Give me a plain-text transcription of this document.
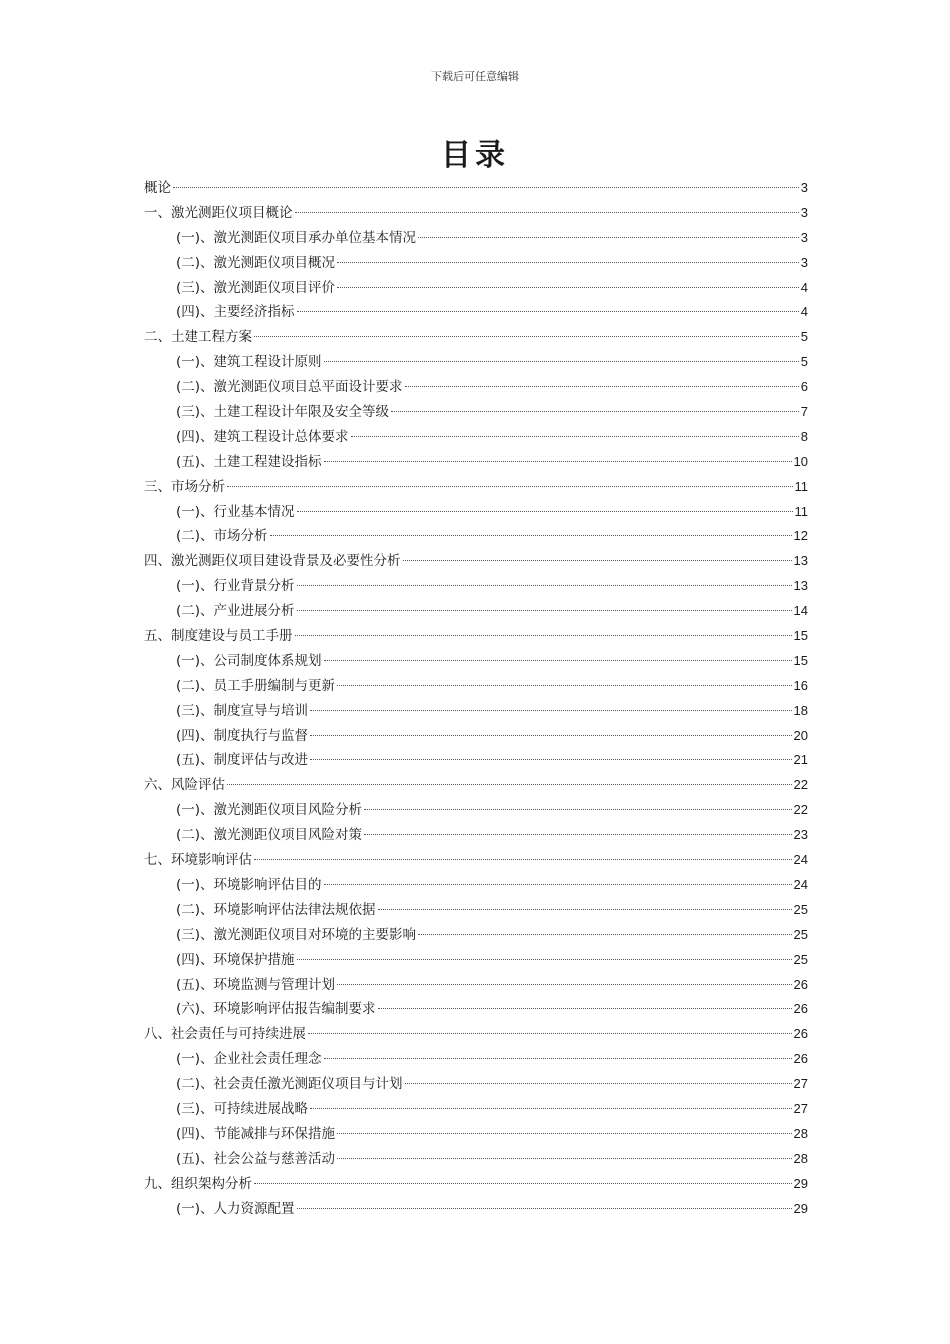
下载后可任意编辑
目录
概论	3
一、激光测距仪项目概论	3
(一)、激光测距仪项目承办单位基本情况	3
(二)、激光测距仪项目概况	3
(三)、激光测距仪项目评价	4
(四)、主要经济指标	4
二、土建工程方案	5
(一)、建筑工程设计原则	5
(二)、激光测距仪项目总平面设计要求	6
(三)、土建工程设计年限及安全等级	7
(四)、建筑工程设计总体要求	8
(五)、土建工程建设指标	10
三、市场分析	11
(一)、行业基本情况	11
(二)、市场分析	12
四、激光测距仪项目建设背景及必要性分析	13
(一)、行业背景分析	13
(二)、产业进展分析	14
五、制度建设与员工手册	15
(一)、公司制度体系规划	15
(二)、员工手册编制与更新	16
(三)、制度宣导与培训	18
(四)、制度执行与监督	20
(五)、制度评估与改进	21
六、风险评估	22
(一)、激光测距仪项目风险分析	22
(二)、激光测距仪项目风险对策	23
七、环境影响评估	24
(一)、环境影响评估目的	24
(二)、环境影响评估法律法规依据	25
(三)、激光测距仪项目对环境的主要影响	25
(四)、环境保护措施	25
(五)、环境监测与管理计划	26
(六)、环境影响评估报告编制要求	26
八、社会责任与可持续进展	26
(一)、企业社会责任理念	26
(二)、社会责任激光测距仪项目与计划	27
(三)、可持续进展战略	27
(四)、节能减排与环保措施	28
(五)、社会公益与慈善活动	28
九、组织架构分析	29
(一)、人力资源配置	29
